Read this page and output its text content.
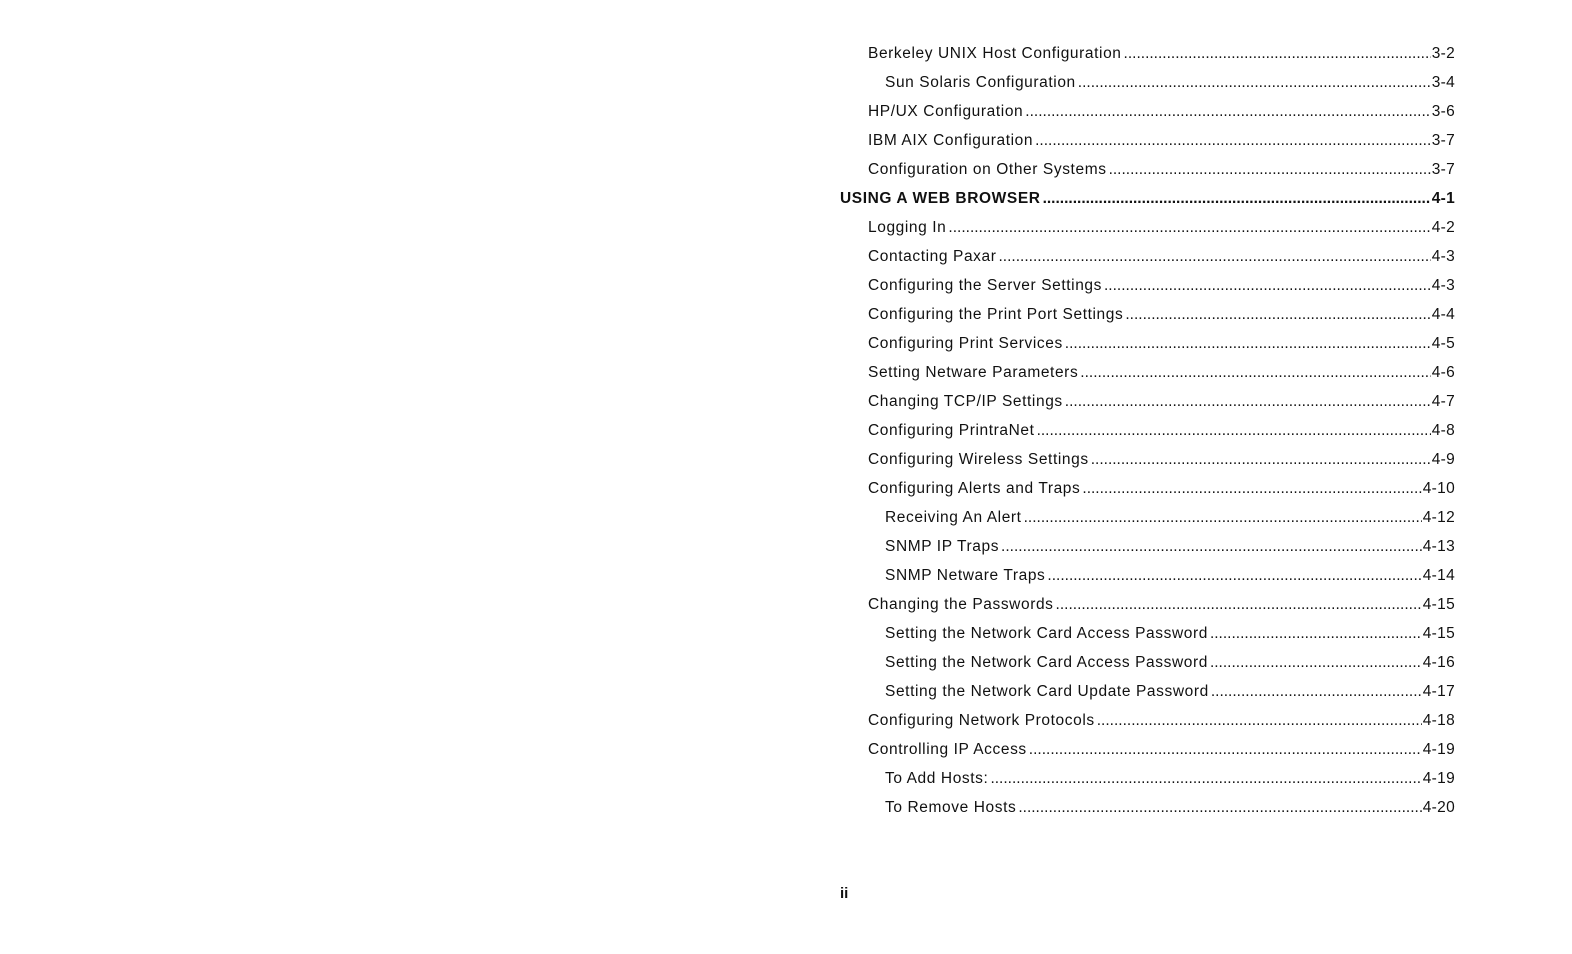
Berkeley UNIX Host Configuration .....	3-2
Sun Solaris Configuration .....	3-4
HP/UX Configuration .....	3-6
IBM AIX Configuration .....	3-7
Configuration on Other Systems .....	3-7
USING A WEB BROWSER .....	4-1
Logging In .....	4-2
Contacting Paxar .....	4-3
Configuring the Server Settings .....	4-3
Configuring the Print Port Settings .....	4-4
Configuring Print Services .....	4-5
Setting Netware Parameters .....	4-6
Changing TCP/IP Settings .....	4-7
Configuring PrintraNet .....	4-8
Configuring Wireless Settings .....	4-9
Configuring Alerts and Traps .....	4-10
Receiving An Alert .....	4-12
SNMP IP Traps .....	4-13
SNMP Netware Traps .....	4-14
Changing the Passwords .....	4-15
Setting the Network Card Access Password .....	4-15
Setting the Network Card Access Password .....	4-16
Setting the Network Card Update Password .....	4-17
Configuring Network Protocols .....	4-18
Controlling IP Access .....	4-19
To Add Hosts: .....	4-19
To Remove Hosts .....	4-20
ii
